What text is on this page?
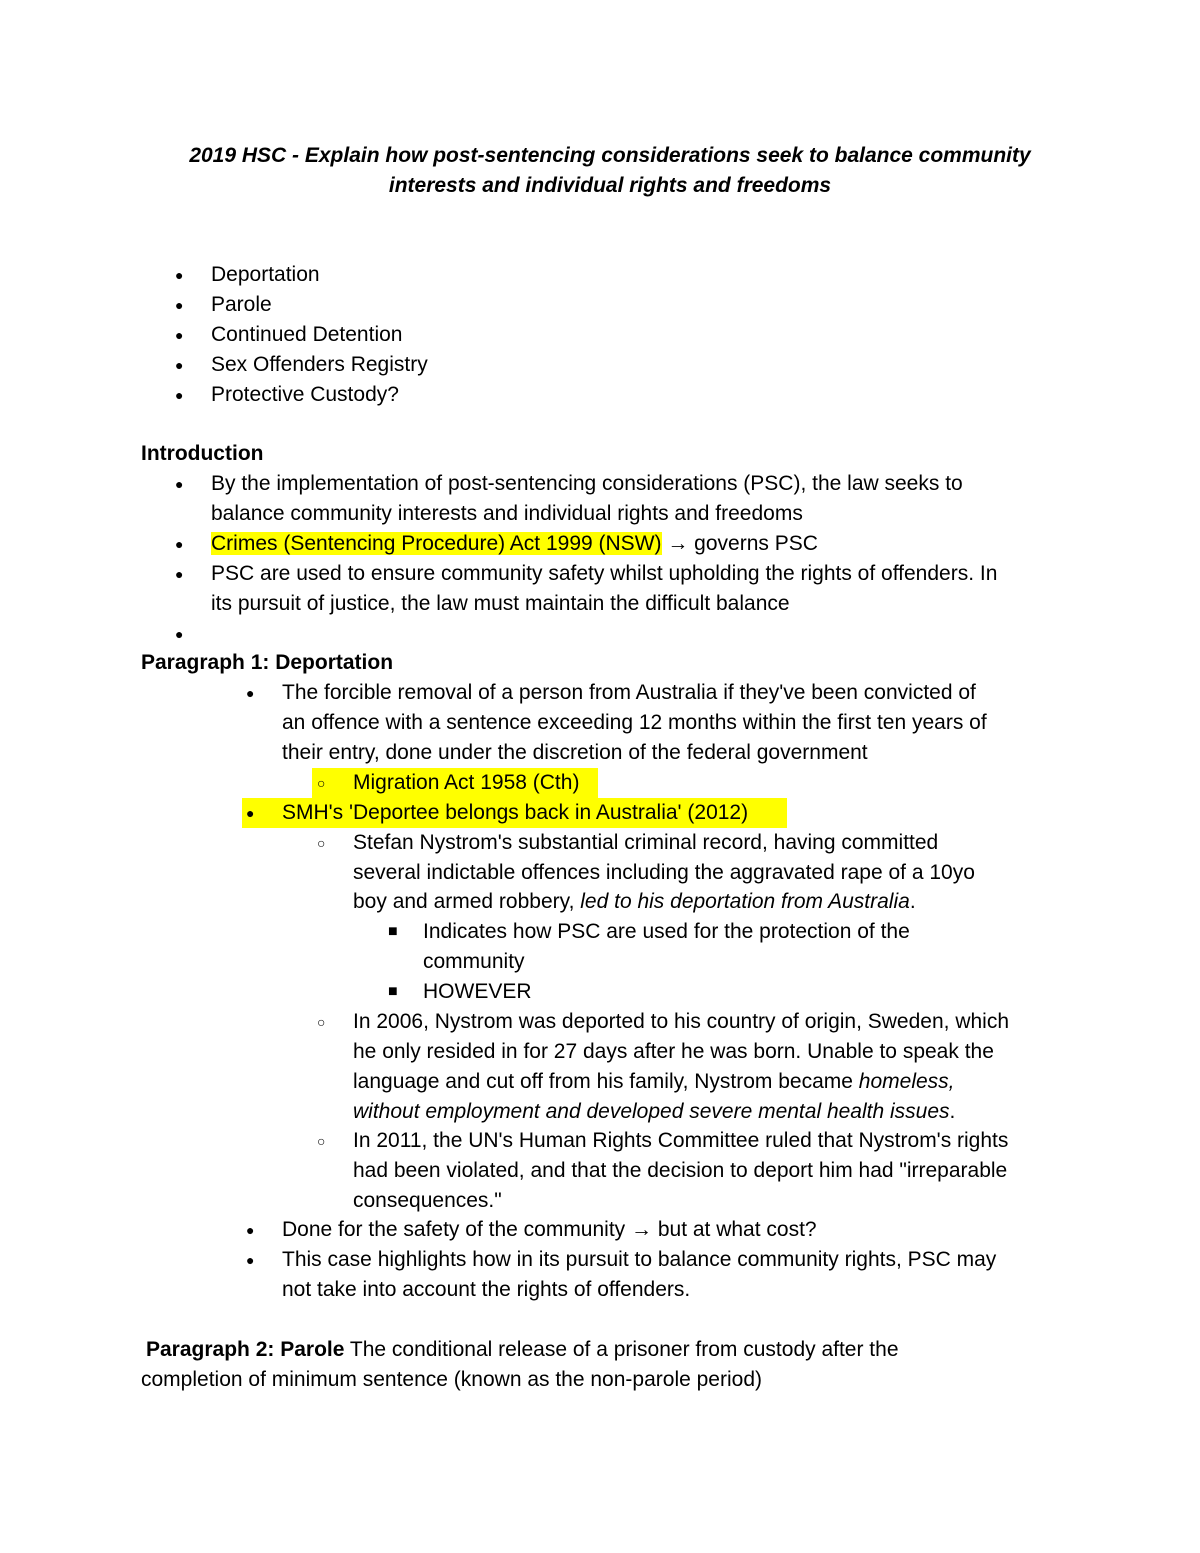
2019 HSC - Explain how post-sentencing considerations seek to balance community
interests and individual rights and freedoms
● Deportation
● Parole
● Continued Detention
● Sex Offenders Registry
● Protective Custody?
Introduction
● By the implementation of post-sentencing considerations (PSC), the law seeks to
balance community interests and individual rights and freedoms
● Crimes (Sentencing Procedure) Act 1999 (NSW) → governs PSC
● PSC are used to ensure community safety whilst upholding the rights of offenders. In
its pursuit of justice, the law must maintain the difficult balance
●
Paragraph 1: Deportation
● The forcible removal of a person from Australia if they've been convicted of
an offence with a sentence exceeding 12 months within the first ten years of
their entry, done under the discretion of the federal government
○ Migration Act 1958 (Cth)
● SMH's 'Deportee belongs back in Australia' (2012)
○ Stefan Nystrom's substantial criminal record, having committed
several indictable offences including the aggravated rape of a 10yo
boy and armed robbery, led to his deportation from Australia.
■ Indicates how PSC are used for the protection of the
community
■ HOWEVER
○ In 2006, Nystrom was deported to his country of origin, Sweden, which
he only resided in for 27 days after he was born. Unable to speak the
language and cut off from his family, Nystrom became homeless,
without employment and developed severe mental health issues.
○ In 2011, the UN's Human Rights Committee ruled that Nystrom's rights
had been violated, and that the decision to deport him had "irreparable
consequences."
● Done for the safety of the community → but at what cost?
● This case highlights how in its pursuit to balance community rights, PSC may
not take into account the rights of offenders.
Paragraph 2: Parole The conditional release of a prisoner from custody after the
completion of minimum sentence (known as the non-parole period)
